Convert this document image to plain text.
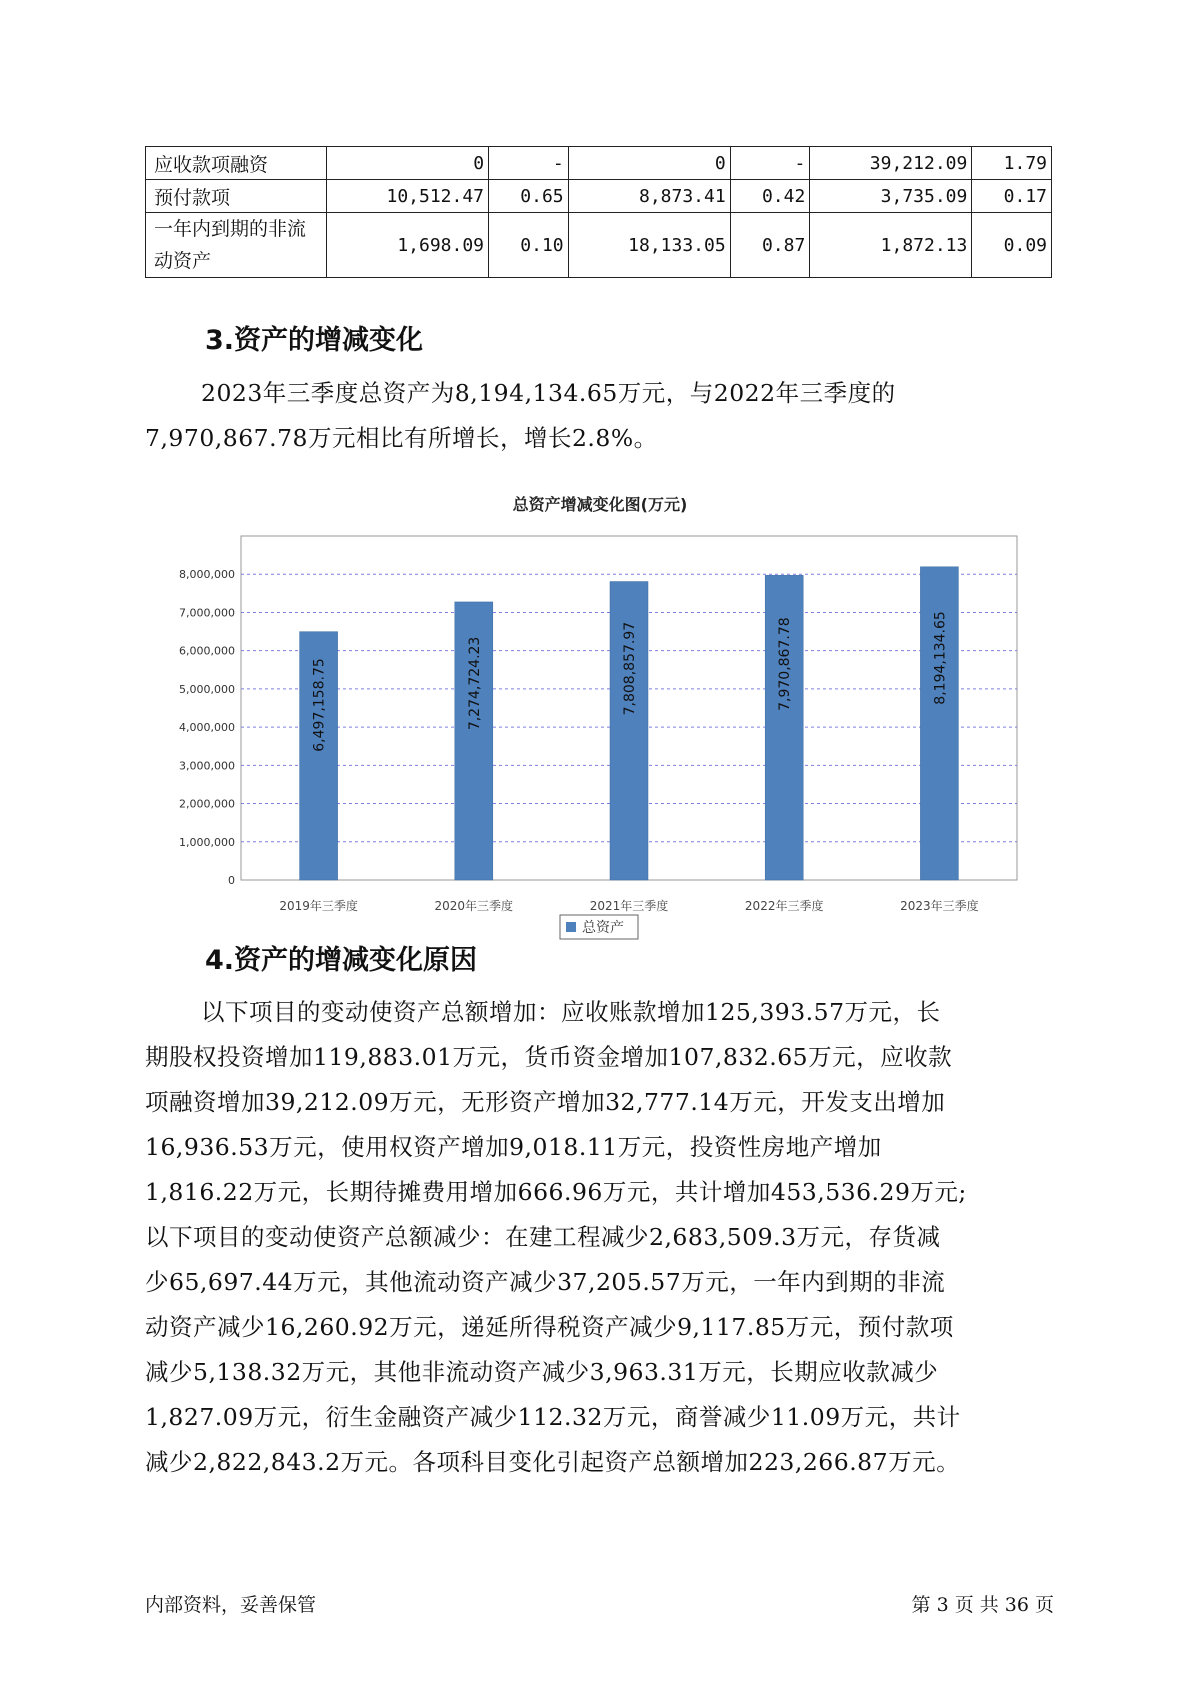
应收款项融资	0	-	0	-	39,212.09	1.79
预付款项	10,512.47	0.65	8,873.41	0.42	3,735.09	0.17

一年内到期的非流
动资产	1,698.09	0.10	18,133.05	0.87	1,872.13	0.09
3.资产的增减变化

2023年三季度总资产为8,194,134.65万元，与2022年三季度的
7,970,867.78万元相比有所增长，增长2.8%。

总资产增减变化图(万元)
0
1,000,000
2,000,000
3,000,000
4,000,000
5,000,000
6,000,000
7,000,000
8,000,000
6,497,158.75	7,274,724.23	7,808,857.97	7,970,867.78	8,194,134.65
2019年三季度	2020年三季度	2021年三季度	2022年三季度	2023年三季度
总资产
4.资产的增减变化原因
以下项目的变动使资产总额增加：应收账款增加125,393.57万元，长
期股权投资增加119,883.01万元，货币资金增加107,832.65万元，应收款
项融资增加39,212.09万元，无形资产增加32,777.14万元，开发支出增加
16,936.53万元，使用权资产增加9,018.11万元，投资性房地产增加
1,816.22万元，长期待摊费用增加666.96万元，共计增加453,536.29万元;
以下项目的变动使资产总额减少：在建工程减少2,683,509.3万元，存货减
少65,697.44万元，其他流动资产减少37,205.57万元，一年内到期的非流
动资产减少16,260.92万元，递延所得税资产减少9,117.85万元，预付款项
减少5,138.32万元，其他非流动资产减少3,963.31万元，长期应收款减少
1,827.09万元，衍生金融资产减少112.32万元，商誉减少11.09万元，共计
减少2,822,843.2万元。各项科目变化引起资产总额增加223,266.87万元。
内部资料，妥善保管	第 3 页 共 36 页
